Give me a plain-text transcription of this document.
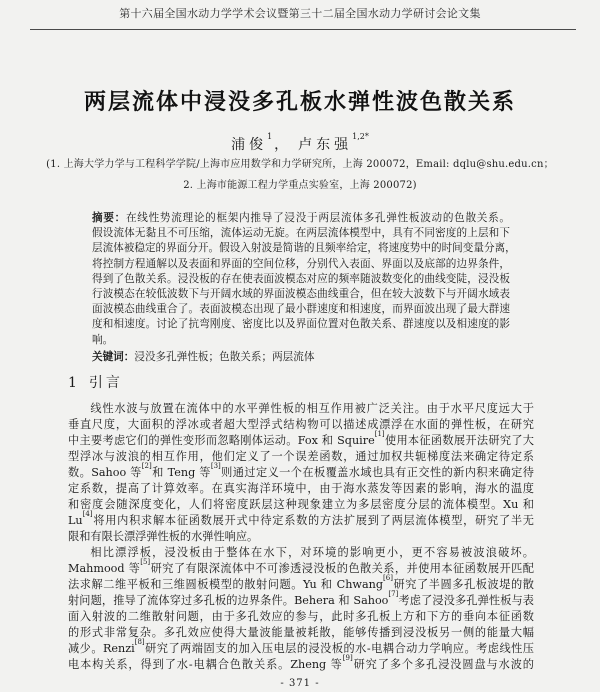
第十六届全国水动力学学术会议暨第三十二届全国水动力学研讨会论文集
两层流体中浸没多孔板水弹性波色散关系
浦俊$^1$， 卢东强$^{1,2*}$
(1. 上海大学力学与工程科学学院/上海市应用数学和力学研究所，上海 200072，Email: dqlu@shu.edu.cn；
2. 上海市能源工程力学重点实验室，上海 200072)
摘要：在线性势流理论的框架内推导了浸没于两层流体多孔弹性板波动的色散关系。
假设流体无黏且不可压缩，流体运动无旋。在两层流体模型中，具有不同密度的上层和下
层流体被稳定的界面分开。假设入射波是简谐的且频率给定，将速度势中的时间变量分离，
将控制方程通解以及表面和界面的空间位移，分别代入表面、界面以及底部的边界条件，
得到了色散关系。浸没板的存在使表面波模态对应的频率随波数变化的曲线变陡，浸没板
行波模态在较低波数下与开阔水域的界面波模态曲线重合，但在较大波数下与开阔水域表
面波模态曲线重合了。表面波模态出现了最小群速度和相速度，而界面波出现了最大群速
度和相速度。讨论了抗弯刚度、密度比以及界面位置对色散关系、群速度以及相速度的影
响。
关键词：浸没多孔弹性板；色散关系；两层流体
1 引言
线性水波与放置在流体中的水平弹性板的相互作用被广泛关注。由于水平尺度远大于
垂直尺度，大面积的浮冰或者超大型浮式结构物可以描述成漂浮在水面的弹性板，在研究
中主要考虑它们的弹性变形而忽略刚体运动。Fox 和 Squire[1]使用本征函数展开法研究了大
型浮冰与波浪的相互作用，他们定义了一个误差函数，通过加权共轭梯度法来确定待定系
数。Sahoo 等[2]和 Teng 等[3]则通过定义一个在板覆盖水域也具有正交性的新内积来确定待
定系数，提高了计算效率。在真实海洋环境中，由于海水蒸发等因素的影响，海水的温度
和密度会随深度变化，人们将密度跃层这种现象建立为多层密度分层的流体模型。Xu 和
Lu[4]将用内积求解本征函数展开式中待定系数的方法扩展到了两层流体模型，研究了半无
限和有限长漂浮弹性板的水弹性响应。
相比漂浮板，浸没板由于整体在水下，对环境的影响更小，更不容易被波浪破坏。
Mahmood 等[5]研究了有限深流体中不可渗透浸没板的色散关系，并使用本征函数展开匹配
法求解二维平板和三维圆板模型的散射问题。Yu 和 Chwang[6]研究了半圆多孔板波堤的散
射问题，推导了流体穿过多孔板的边界条件。Behera 和 Sahoo[7]考虑了浸没多孔弹性板与表
面入射波的二维散射问题，由于多孔效应的参与，此时多孔板上方和下方的垂向本征函数
的形式非常复杂。多孔效应使得大量波能量被耗散，能够传播到浸没板另一侧的能量大幅
减少。Renzi[8]研究了两端固支的加入压电层的浸没板的水-电耦合动力学响应。考虑线性压
电本构关系，得到了水-电耦合色散关系。Zheng 等[9]研究了多个多孔浸没圆盘与水波的
- 371 -
